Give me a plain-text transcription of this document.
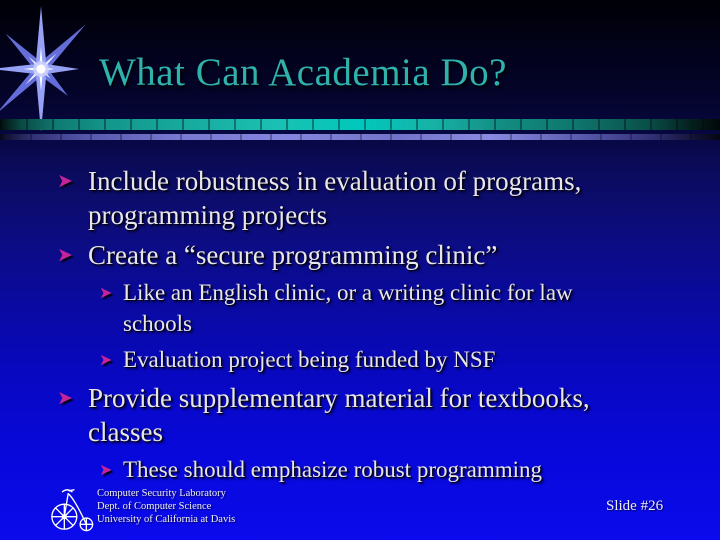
What Can Academia Do?
➤ Include robustness in evaluation of programs, programming projects
➤ Create a “secure programming clinic”
➤ Like an English clinic, or a writing clinic for law schools
➤ Evaluation project being funded by NSF
➤ Provide supplementary material for textbooks, classes
➤ These should emphasize robust programming
Computer Security Laboratory
Dept. of Computer Science
University of California at Davis
Slide #26
